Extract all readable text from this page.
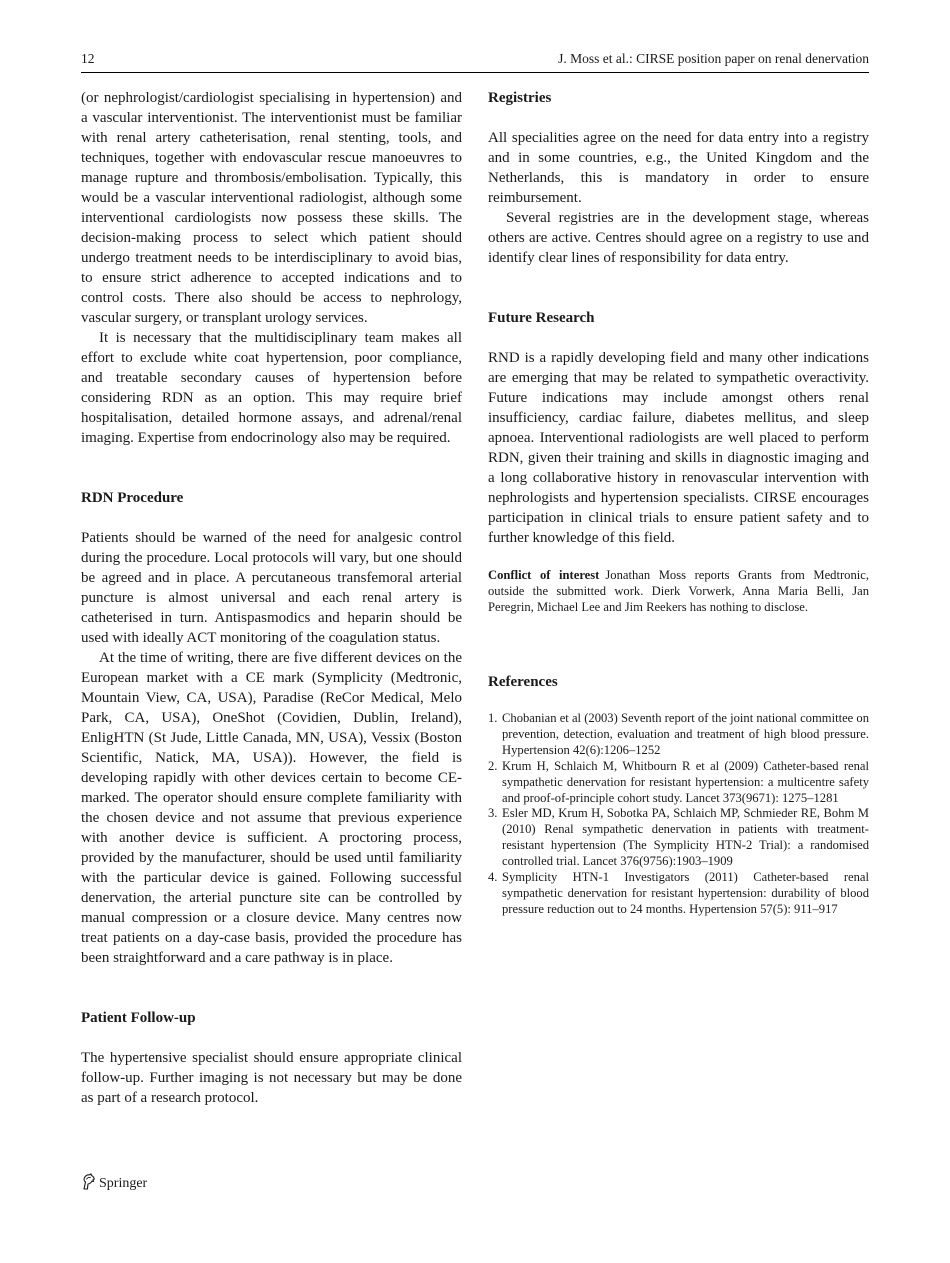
12	J. Moss et al.: CIRSE position paper on renal denervation

(or nephrologist/cardiologist specialising in hypertension) and a vascular interventionist. The interventionist must be familiar with renal artery catheterisation, renal stenting, tools, and techniques, together with endovascular rescue manoeuvres to manage rupture and thrombosis/embolisation. Typically, this would be a vascular interventional radiologist, although some interventional cardiologists now possess these skills. The decision-making process to select which patient should undergo treatment needs to be interdisciplinary to avoid bias, to ensure strict adherence to accepted indications and to control costs. There also should be access to nephrology, vascular surgery, or transplant urology services.

It is necessary that the multidisciplinary team makes all effort to exclude white coat hypertension, poor compliance, and treatable secondary causes of hypertension before considering RDN as an option. This may require brief hospitalisation, detailed hormone assays, and adrenal/renal imaging. Expertise from endocrinology also may be required.

RDN Procedure

Patients should be warned of the need for analgesic control during the procedure. Local protocols will vary, but one should be agreed and in place. A percutaneous transfemoral arterial puncture is almost universal and each renal artery is catheterised in turn. Antispasmodics and heparin should be used with ideally ACT monitoring of the coagulation status.

At the time of writing, there are five different devices on the European market with a CE mark (Symplicity (Medtronic, Mountain View, CA, USA), Paradise (ReCor Medical, Melo Park, CA, USA), OneShot (Covidien, Dublin, Ireland), EnligHTN (St Jude, Little Canada, MN, USA), Vessix (Boston Scientific, Natick, MA, USA)). However, the field is developing rapidly with other devices certain to become CE-marked. The operator should ensure complete familiarity with the chosen device and not assume that previous experience with another device is sufficient. A proctoring process, provided by the manufacturer, should be used until familiarity with the particular device is gained. Following successful denervation, the arterial puncture site can be controlled by manual compression or a closure device. Many centres now treat patients on a day-case basis, provided the procedure has been straightforward and a care pathway is in place.

Patient Follow-up

The hypertensive specialist should ensure appropriate clinical follow-up. Further imaging is not necessary but may be done as part of a research protocol.

Registries

All specialities agree on the need for data entry into a registry and in some countries, e.g., the United Kingdom and the Netherlands, this is mandatory in order to ensure reimbursement.

Several registries are in the development stage, whereas others are active. Centres should agree on a registry to use and identify clear lines of responsibility for data entry.

Future Research

RND is a rapidly developing field and many other indications are emerging that may be related to sympathetic overactivity. Future indications may include amongst others renal insufficiency, cardiac failure, diabetes mellitus, and sleep apnoea. Interventional radiologists are well placed to perform RDN, given their training and skills in diagnostic imaging and a long collaborative history in renovascular intervention with nephrologists and hypertension specialists. CIRSE encourages participation in clinical trials to ensure patient safety and to further knowledge of this field.

Conflict of interest Jonathan Moss reports Grants from Medtronic, outside the submitted work. Dierk Vorwerk, Anna Maria Belli, Jan Peregrin, Michael Lee and Jim Reekers has nothing to disclose.

References
1. Chobanian et al (2003) Seventh report of the joint national committee on prevention, detection, evaluation and treatment of high blood pressure. Hypertension 42(6):1206–1252
2. Krum H, Schlaich M, Whitbourn R et al (2009) Catheter-based renal sympathetic denervation for resistant hypertension: a multicentre safety and proof-of-principle cohort study. Lancet 373(9671): 1275–1281
3. Esler MD, Krum H, Sobotka PA, Schlaich MP, Schmieder RE, Bohm M (2010) Renal sympathetic denervation in patients with treatment-resistant hypertension (The Symplicity HTN-2 Trial): a randomised controlled trial. Lancet 376(9756):1903–1909
4. Symplicity HTN-1 Investigators (2011) Catheter-based renal sympathetic denervation for resistant hypertension: durability of blood pressure reduction out to 24 months. Hypertension 57(5): 911–917
Springer
